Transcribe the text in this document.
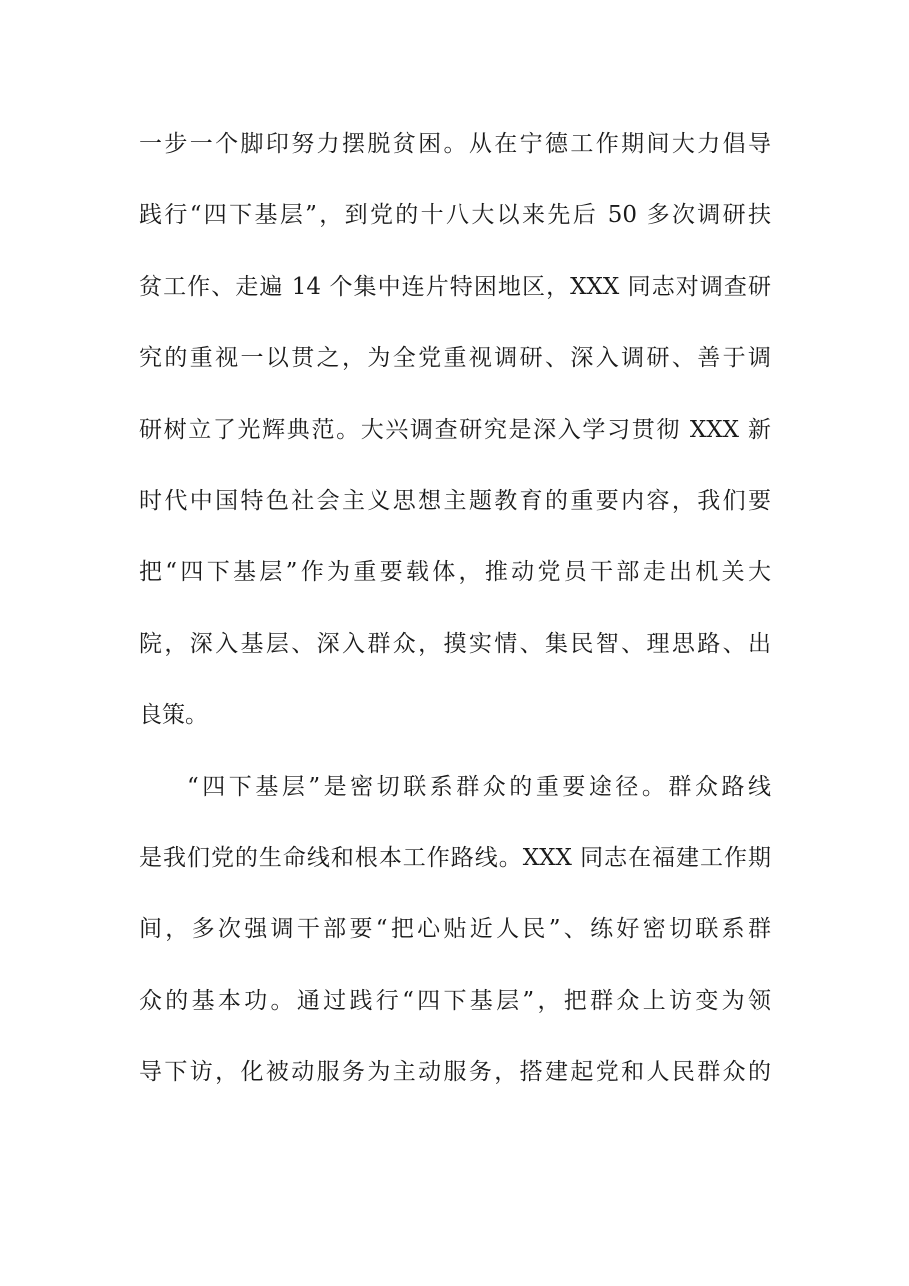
一步一个脚印努力摆脱贫困。从在宁德工作期间大力倡导
践行“四下基层”，到党的十八大以来先后 50 多次调研扶
贫工作、走遍 14 个集中连片特困地区，XXX 同志对调查研
究的重视一以贯之，为全党重视调研、深入调研、善于调
研树立了光辉典范。大兴调查研究是深入学习贯彻 XXX 新
时代中国特色社会主义思想主题教育的重要内容，我们要
把“四下基层”作为重要载体，推动党员干部走出机关大
院，深入基层、深入群众，摸实情、集民智、理思路、出
良策。
“四下基层”是密切联系群众的重要途径。群众路线
是我们党的生命线和根本工作路线。XXX 同志在福建工作期
间，多次强调干部要“把心贴近人民”、练好密切联系群
众的基本功。通过践行“四下基层”，把群众上访变为领
导下访，化被动服务为主动服务，搭建起党和人民群众的
